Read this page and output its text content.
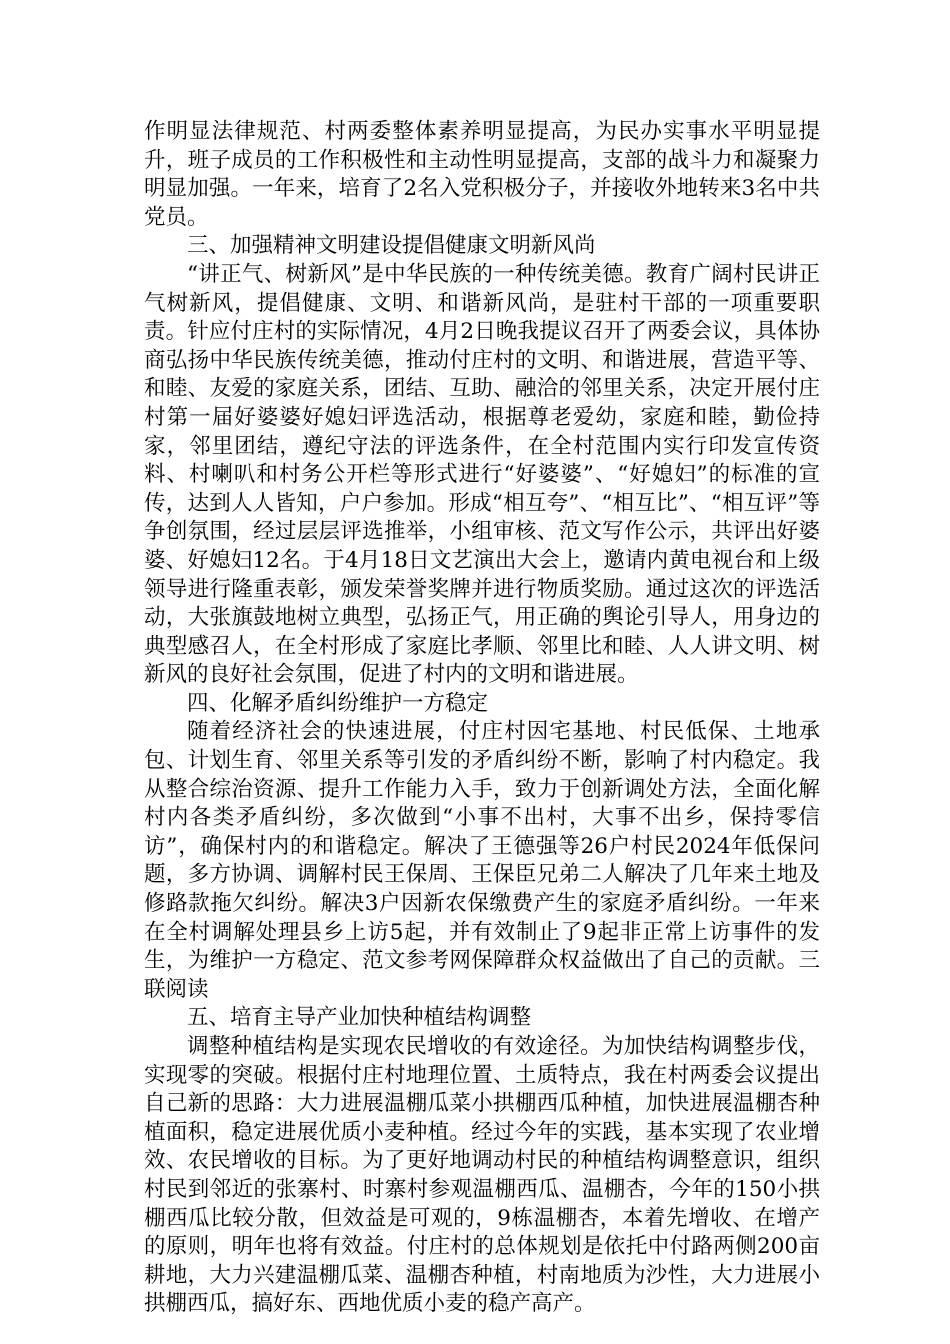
作明显法律规范、村两委整体素养明显提高，为民办实事水平明显提升，班子成员的工作积极性和主动性明显提高，支部的战斗力和凝聚力明显加强。一年来，培育了2名入党积极分子，并接收外地转来3名中共党员。

三、加强精神文明建设提倡健康文明新风尚

“讲正气、树新风”是中华民族的一种传统美德。教育广阔村民讲正气树新风，提倡健康、文明、和谐新风尚，是驻村干部的一项重要职责。针应付庄村的实际情况，4月2日晚我提议召开了两委会议，具体协商弘扬中华民族传统美德，推动付庄村的文明、和谐进展，营造平等、和睦、友爱的家庭关系，团结、互助、融洽的邻里关系，决定开展付庄村第一届好婆婆好媳妇评选活动，根据尊老爱幼，家庭和睦，勤俭持家，邻里团结，遵纪守法的评选条件，在全村范围内实行印发宣传资料、村喇叭和村务公开栏等形式进行“好婆婆”、“好媳妇”的标准的宣传，达到人人皆知，户户参加。形成“相互夸”、“相互比”、“相互评”等争创氛围，经过层层评选推举，小组审核、范文写作公示，共评出好婆婆、好媳妇12名。于4月18日文艺演出大会上，邀请内黄电视台和上级领导进行隆重表彰，颁发荣誉奖牌并进行物质奖励。通过这次的评选活动，大张旗鼓地树立典型，弘扬正气，用正确的舆论引导人，用身边的典型感召人，在全村形成了家庭比孝顺、邻里比和睦、人人讲文明、树新风的良好社会氛围，促进了村内的文明和谐进展。

四、化解矛盾纠纷维护一方稳定

随着经济社会的快速进展，付庄村因宅基地、村民低保、土地承包、计划生育、邻里关系等引发的矛盾纠纷不断，影响了村内稳定。我从整合综治资源、提升工作能力入手，致力于创新调处方法，全面化解村内各类矛盾纠纷，多次做到“小事不出村，大事不出乡，保持零信访”，确保村内的和谐稳定。解决了王德强等26户村民2024年低保问题，多方协调、调解村民王保周、王保臣兄弟二人解决了几年来土地及修路款拖欠纠纷。解决3户因新农保缴费产生的家庭矛盾纠纷。一年来在全村调解处理县乡上访5起，并有效制止了9起非正常上访事件的发生，为维护一方稳定、范文参考网保障群众权益做出了自己的贡献。三联阅读

五、培育主导产业加快种植结构调整

调整种植结构是实现农民增收的有效途径。为加快结构调整步伐，实现零的突破。根据付庄村地理位置、土质特点，我在村两委会议提出自己新的思路：大力进展温棚瓜菜小拱棚西瓜种植，加快进展温棚杏种植面积，稳定进展优质小麦种植。经过今年的实践，基本实现了农业增效、农民增收的目标。为了更好地调动村民的种植结构调整意识，组织村民到邻近的张寨村、时寨村参观温棚西瓜、温棚杏，今年的150小拱棚西瓜比较分散，但效益是可观的，9栋温棚杏，本着先增收、在增产的原则，明年也将有效益。付庄村的总体规划是依托中付路两侧200亩耕地，大力兴建温棚瓜菜、温棚杏种植，村南地质为沙性，大力进展小拱棚西瓜，搞好东、西地优质小麦的稳产高产。
